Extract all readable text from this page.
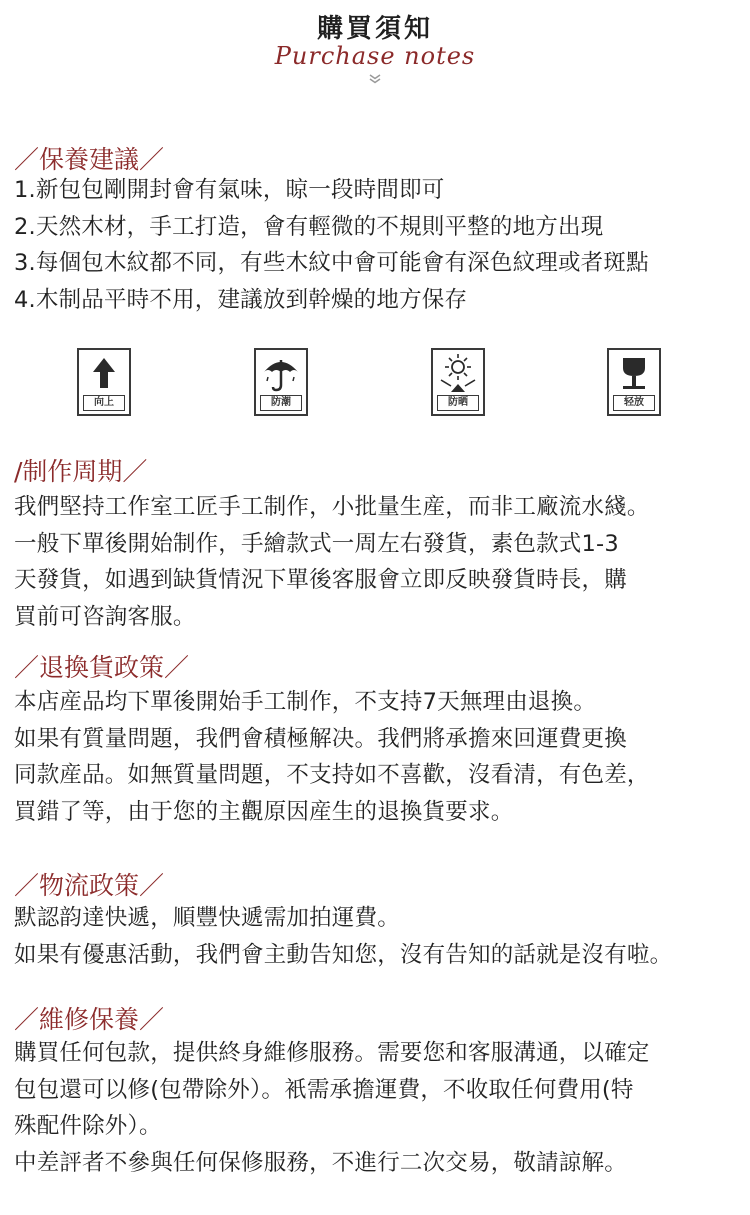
購買須知
Purchase notes
／保養建議／
1.新包包剛開封會有氣味，晾一段時間即可
2.天然木材，手工打造，會有輕微的不規則平整的地方出現
3.每個包木紋都不同，有些木紋中會可能會有深色紋理或者斑點
4.木制品平時不用，建議放到幹燥的地方保存
向上	防潮	防晒	轻放
/制作周期／
我們堅持工作室工匠手工制作，小批量生産，而非工廠流水綫。
一般下單後開始制作，手繪款式一周左右發貨，素色款式1-3
天發貨，如遇到缺貨情況下單後客服會立即反映發貨時長，購
買前可咨詢客服。
／退換貨政策／
本店産品均下單後開始手工制作，不支持7天無理由退換。
如果有質量問題，我們會積極解决。我們將承擔來回運費更換
同款産品。如無質量問題，不支持如不喜歡，沒看清，有色差，
買錯了等，由于您的主觀原因産生的退換貨要求。
／物流政策／
默認韵達快遞，順豐快遞需加拍運費。
如果有優惠活動，我們會主動告知您，沒有告知的話就是沒有啦。
／維修保養／
購買任何包款，提供終身維修服務。需要您和客服溝通，以確定
包包還可以修(包帶除外）。衹需承擔運費，不收取任何費用(特
殊配件除外）。
中差評者不參與任何保修服務，不進行二次交易，敬請諒解。
